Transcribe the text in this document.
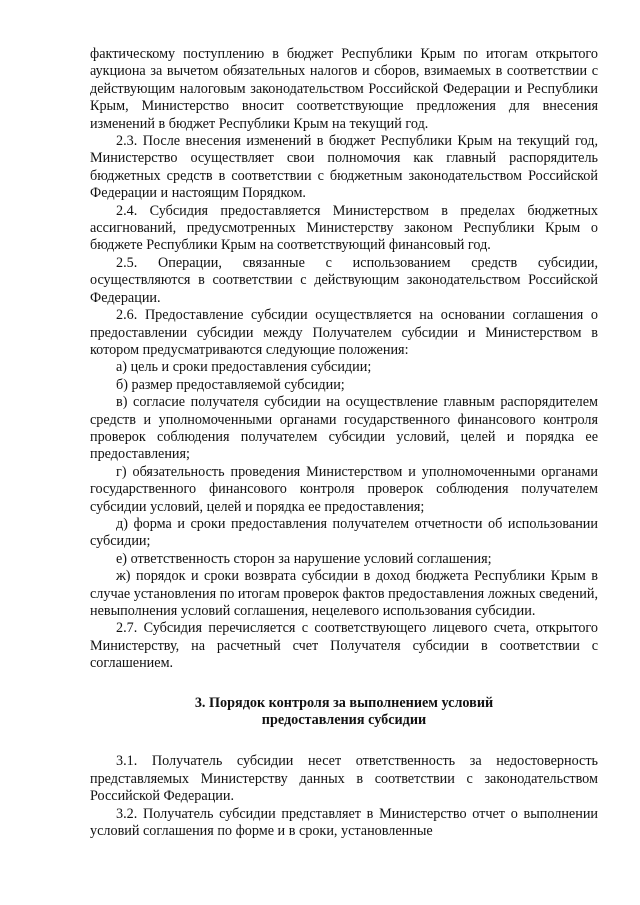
фактическому поступлению в бюджет Республики Крым по итогам открытого аукциона за вычетом обязательных налогов и сборов, взимаемых в соответствии с действующим налоговым законодательством Российской Федерации и Республики Крым, Министерство вносит соответствующие предложения для внесения изменений в бюджет Республики Крым на текущий год.

2.3. После внесения изменений в бюджет Республики Крым на текущий год, Министерство осуществляет свои полномочия как главный распорядитель бюджетных средств в соответствии с бюджетным законодательством Российской Федерации и настоящим Порядком.

2.4. Субсидия предоставляется Министерством в пределах бюджетных ассигнований, предусмотренных Министерству законом Республики Крым о бюджете Республики Крым на соответствующий финансовый год.

2.5. Операции, связанные с использованием средств субсидии, осуществляются в соответствии с действующим законодательством Российской Федерации.

2.6. Предоставление субсидии осуществляется на основании соглашения о предоставлении субсидии между Получателем субсидии и Министерством в котором предусматриваются следующие положения:

а) цель и сроки предоставления субсидии;

б) размер предоставляемой субсидии;

в) согласие получателя субсидии на осуществление главным распорядителем средств и уполномоченными органами государственного финансового контроля проверок соблюдения получателем субсидии условий, целей и порядка ее предоставления;

г) обязательность проведения Министерством и уполномоченными органами государственного финансового контроля проверок соблюдения получателем субсидии условий, целей и порядка ее предоставления;

д) форма и сроки предоставления получателем отчетности об использовании субсидии;

е) ответственность сторон за нарушение условий соглашения;

ж) порядок и сроки возврата субсидии в доход бюджета Республики Крым в случае установления по итогам проверок фактов предоставления ложных сведений, невыполнения условий соглашения, нецелевого использования субсидии.

2.7. Субсидия перечисляется с соответствующего лицевого счета, открытого Министерству, на расчетный счет Получателя субсидии в соответствии с соглашением.

3. Порядок контроля за выполнением условий
предоставления субсидии

3.1. Получатель субсидии несет ответственность за недостоверность представляемых Министерству данных в соответствии с законодательством Российской Федерации.

3.2. Получатель субсидии представляет в Министерство отчет о выполнении условий соглашения по форме и в сроки, установленные
